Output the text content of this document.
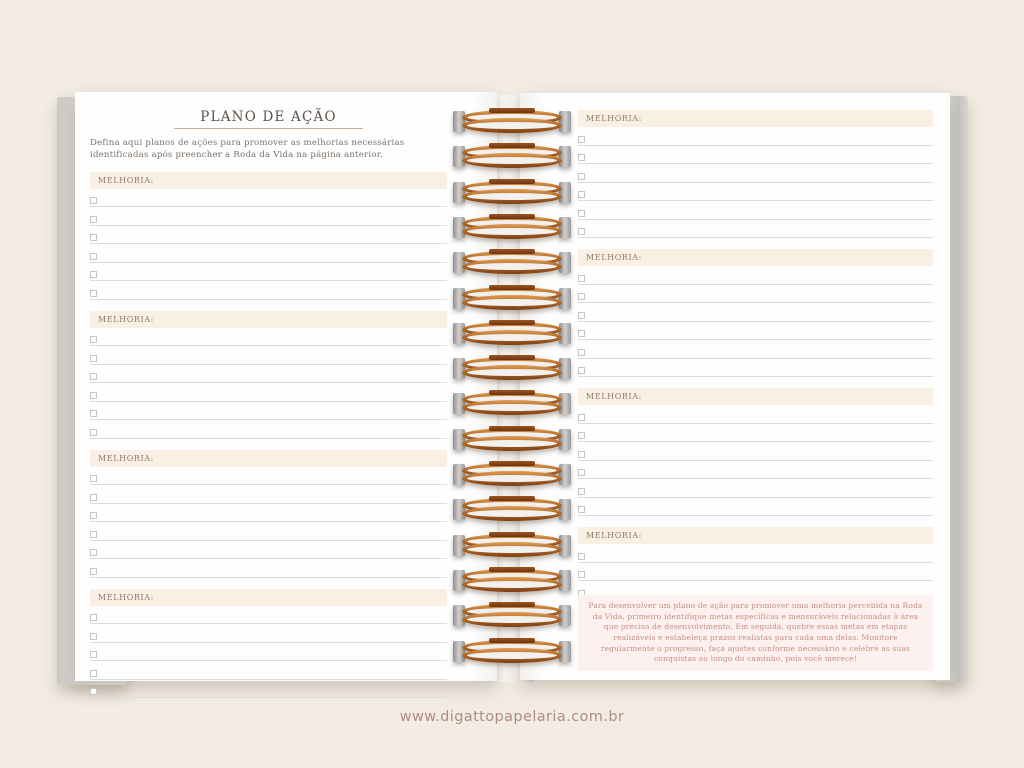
PLANO DE AÇÃO

Defina aqui planos de ações para promover as melhorias necessárias identificadas após preencher a Roda da Vida na página anterior.

MELHORIA:
MELHORIA:
MELHORIA:
MELHORIA:
MELHORIA:
MELHORIA:
MELHORIA:
MELHORIA:
Para desenvolver um plano de ação para promover uma melhoria percebida na Roda da Vida, primeiro identifique metas específicas e mensuráveis relacionadas à área que precisa de desenvolvimento. Em seguida, quebre essas metas em etapas realizáveis e estabeleça prazos realistas para cada uma delas. Monitore regularmente o progresso, faça ajustes conforme necessário e celebre as suas conquistas ao longo do caminho, pois você merece!
www.digattopapelaria.com.br
